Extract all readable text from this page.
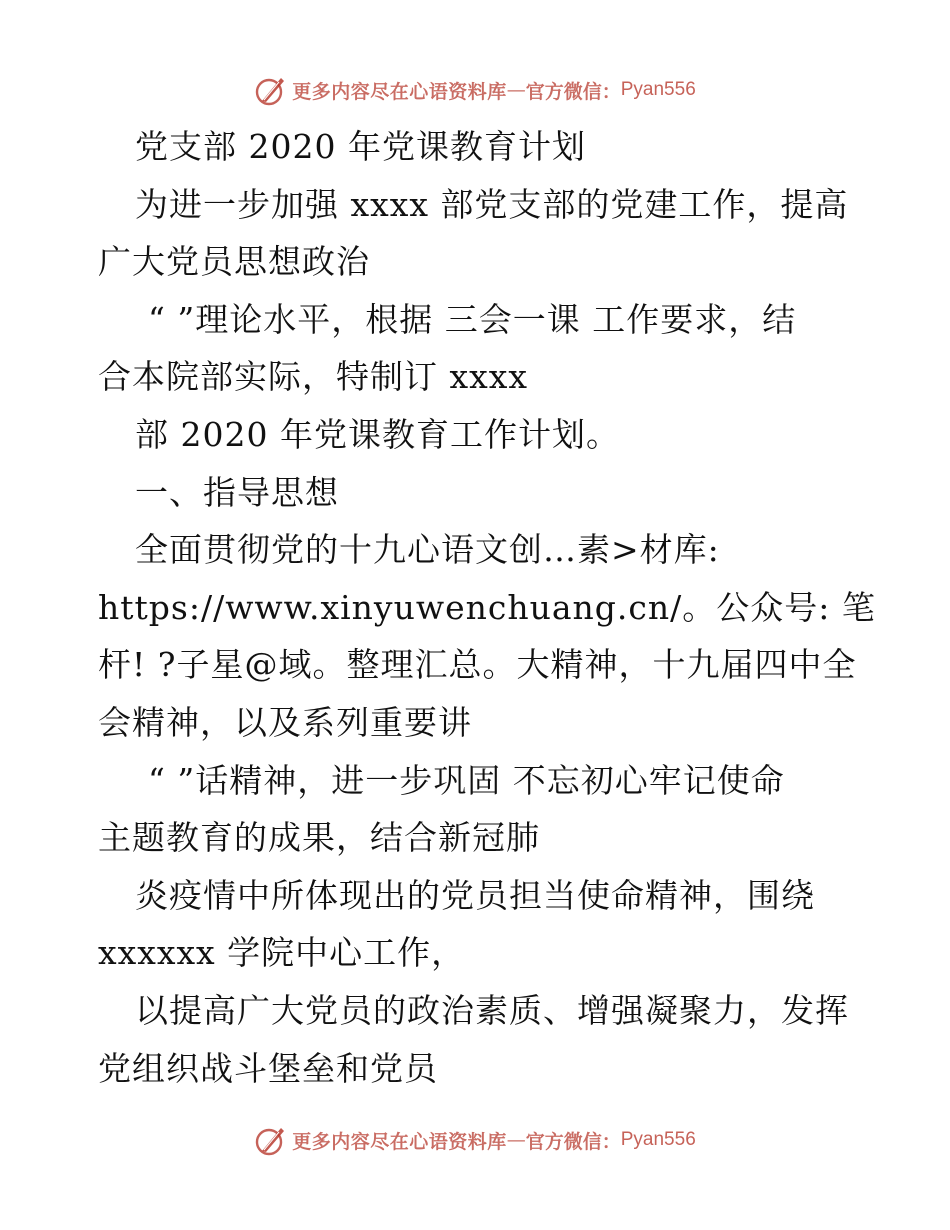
更多内容尽在心语资料库 — 官方微信： Pyan556
党支部 2020 年党课教育计划
为进一步加强 xxxx 部党支部的党建工作，提高
广大党员思想政治
“ ”理论水平，根据 三会一课 工作要求，结
合本院部实际，特制订 xxxx
部 2020 年党课教育工作计划。
一、指导思想
全面贯彻党的十九心语文创…素>材库:
https://www.xinyuwenchuang.cn/。公众号: 笔
杆! ?子星@域。整理汇总。大精神，十九届四中全
会精神，以及系列重要讲
“ ”话精神，进一步巩固 不忘初心牢记使命
主题教育的成果，结合新冠肺
炎疫情中所体现出的党员担当使命精神，围绕
xxxxxx 学院中心工作，
以提高广大党员的政治素质、增强凝聚力，发挥
党组织战斗堡垒和党员
更多内容尽在心语资料库 — 官方微信： Pyan556
